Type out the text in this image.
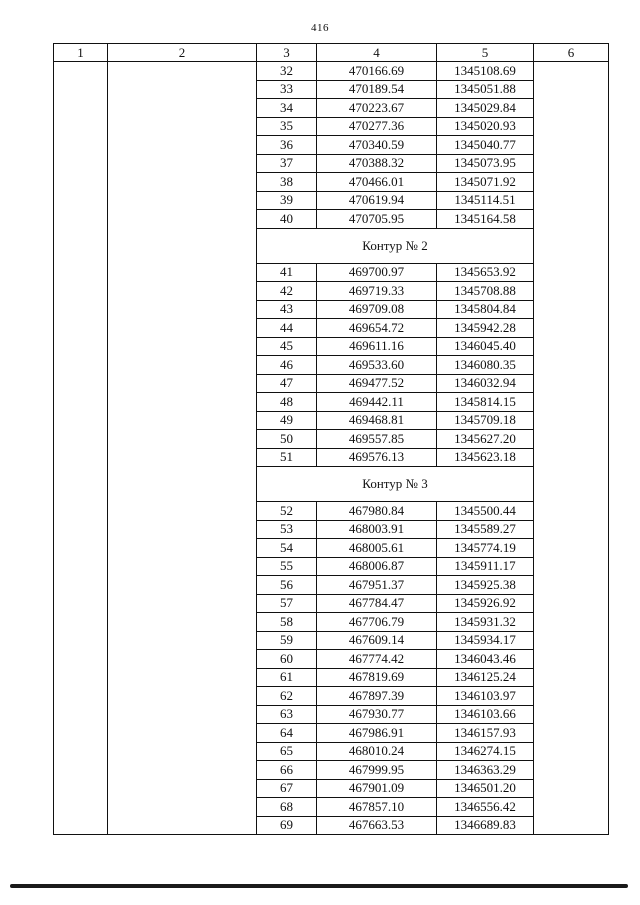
416
1	2	3	4	5	6
		32	470166.69	1345108.69	
		33	470189.54	1345051.88	
		34	470223.67	1345029.84	
		35	470277.36	1345020.93	
		36	470340.59	1345040.77	
		37	470388.32	1345073.95	
		38	470466.01	1345071.92	
		39	470619.94	1345114.51	
		40	470705.95	1345164.58	
		Контур № 2			
		41	469700.97	1345653.92	
		42	469719.33	1345708.88	
		43	469709.08	1345804.84	
		44	469654.72	1345942.28	
		45	469611.16	1346045.40	
		46	469533.60	1346080.35	
		47	469477.52	1346032.94	
		48	469442.11	1345814.15	
		49	469468.81	1345709.18	
		50	469557.85	1345627.20	
		51	469576.13	1345623.18	
		Контур № 3			
		52	467980.84	1345500.44	
		53	468003.91	1345589.27	
		54	468005.61	1345774.19	
		55	468006.87	1345911.17	
		56	467951.37	1345925.38	
		57	467784.47	1345926.92	
		58	467706.79	1345931.32	
		59	467609.14	1345934.17	
		60	467774.42	1346043.46	
		61	467819.69	1346125.24	
		62	467897.39	1346103.97	
		63	467930.77	1346103.66	
		64	467986.91	1346157.93	
		65	468010.24	1346274.15	
		66	467999.95	1346363.29	
		67	467901.09	1346501.20	
		68	467857.10	1346556.42	
		69	467663.53	1346689.83	
